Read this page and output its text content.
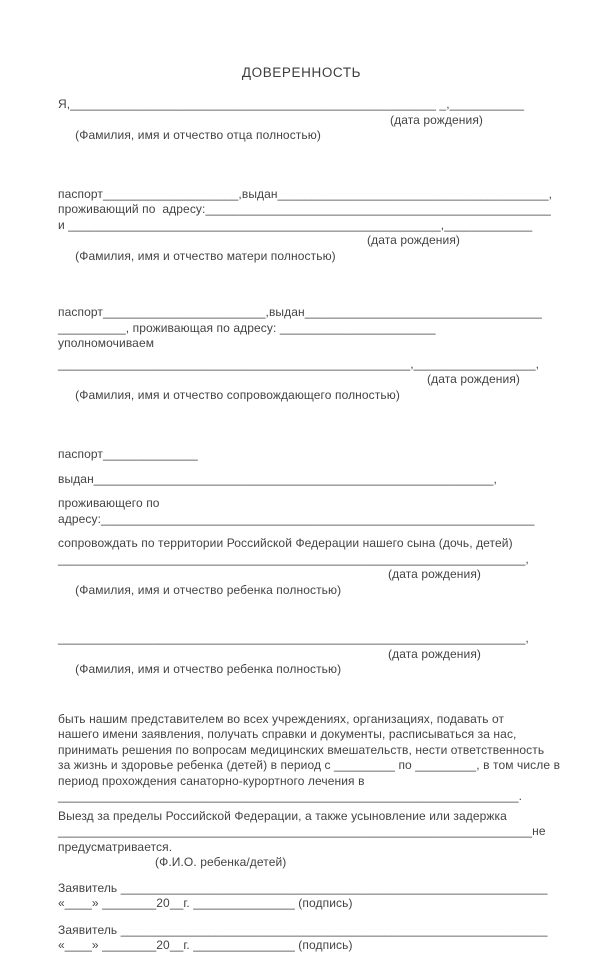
ДОВЕРЕННОСТЬ
Я,______________________________________________________ _,___________

(Фамилия, имя и отчество отца полностью)

(дата рождения)

паспорт____________________,выдан________________________________________,
проживающий по  адресу:___________________________________________________
и _______________________________________________________,_____________

(Фамилия, имя и отчество матери полностью)

(дата рождения)

паспорт________________________,выдан___________________________________
__________, проживающая по адресу: _______________________
уполномочиваем
____________________________________________________,__________________,

(Фамилия, имя и отчество сопровождающего полностью)

(дата рождения)

паспорт______________
выдан___________________________________________________________,
проживающего по
адресу:________________________________________________________________
сопровождать по территории Российской Федерации нашего сына (дочь, детей)
_____________________________________________________________________,

(Фамилия, имя и отчество ребенка полностью)

(дата рождения)

_____________________________________________________________________,

(Фамилия, имя и отчество ребенка полностью)

(дата рождения)

быть нашим представителем во всех учреждениях, организациях, подавать от
нашего имени заявления, получать справки и документы, расписываться за нас,
принимать решения по вопросам медицинских вмешательств, нести ответственность
за жизнь и здоровье ребенка (детей) в период с _________ по _________, в том числе в
период прохождения санаторно-курортного лечения в
____________________________________________________________________.
Выезд за пределы Российской Федерации, а также усыновление или задержка
______________________________________________________________________не
предусматривается.
(Ф.И.О. ребенка/детей)
Заявитель _______________________________________________________________
«____» ________20__г. _______________ (подпись)
Заявитель _______________________________________________________________
«____» ________20__г. _______________ (подпись)
